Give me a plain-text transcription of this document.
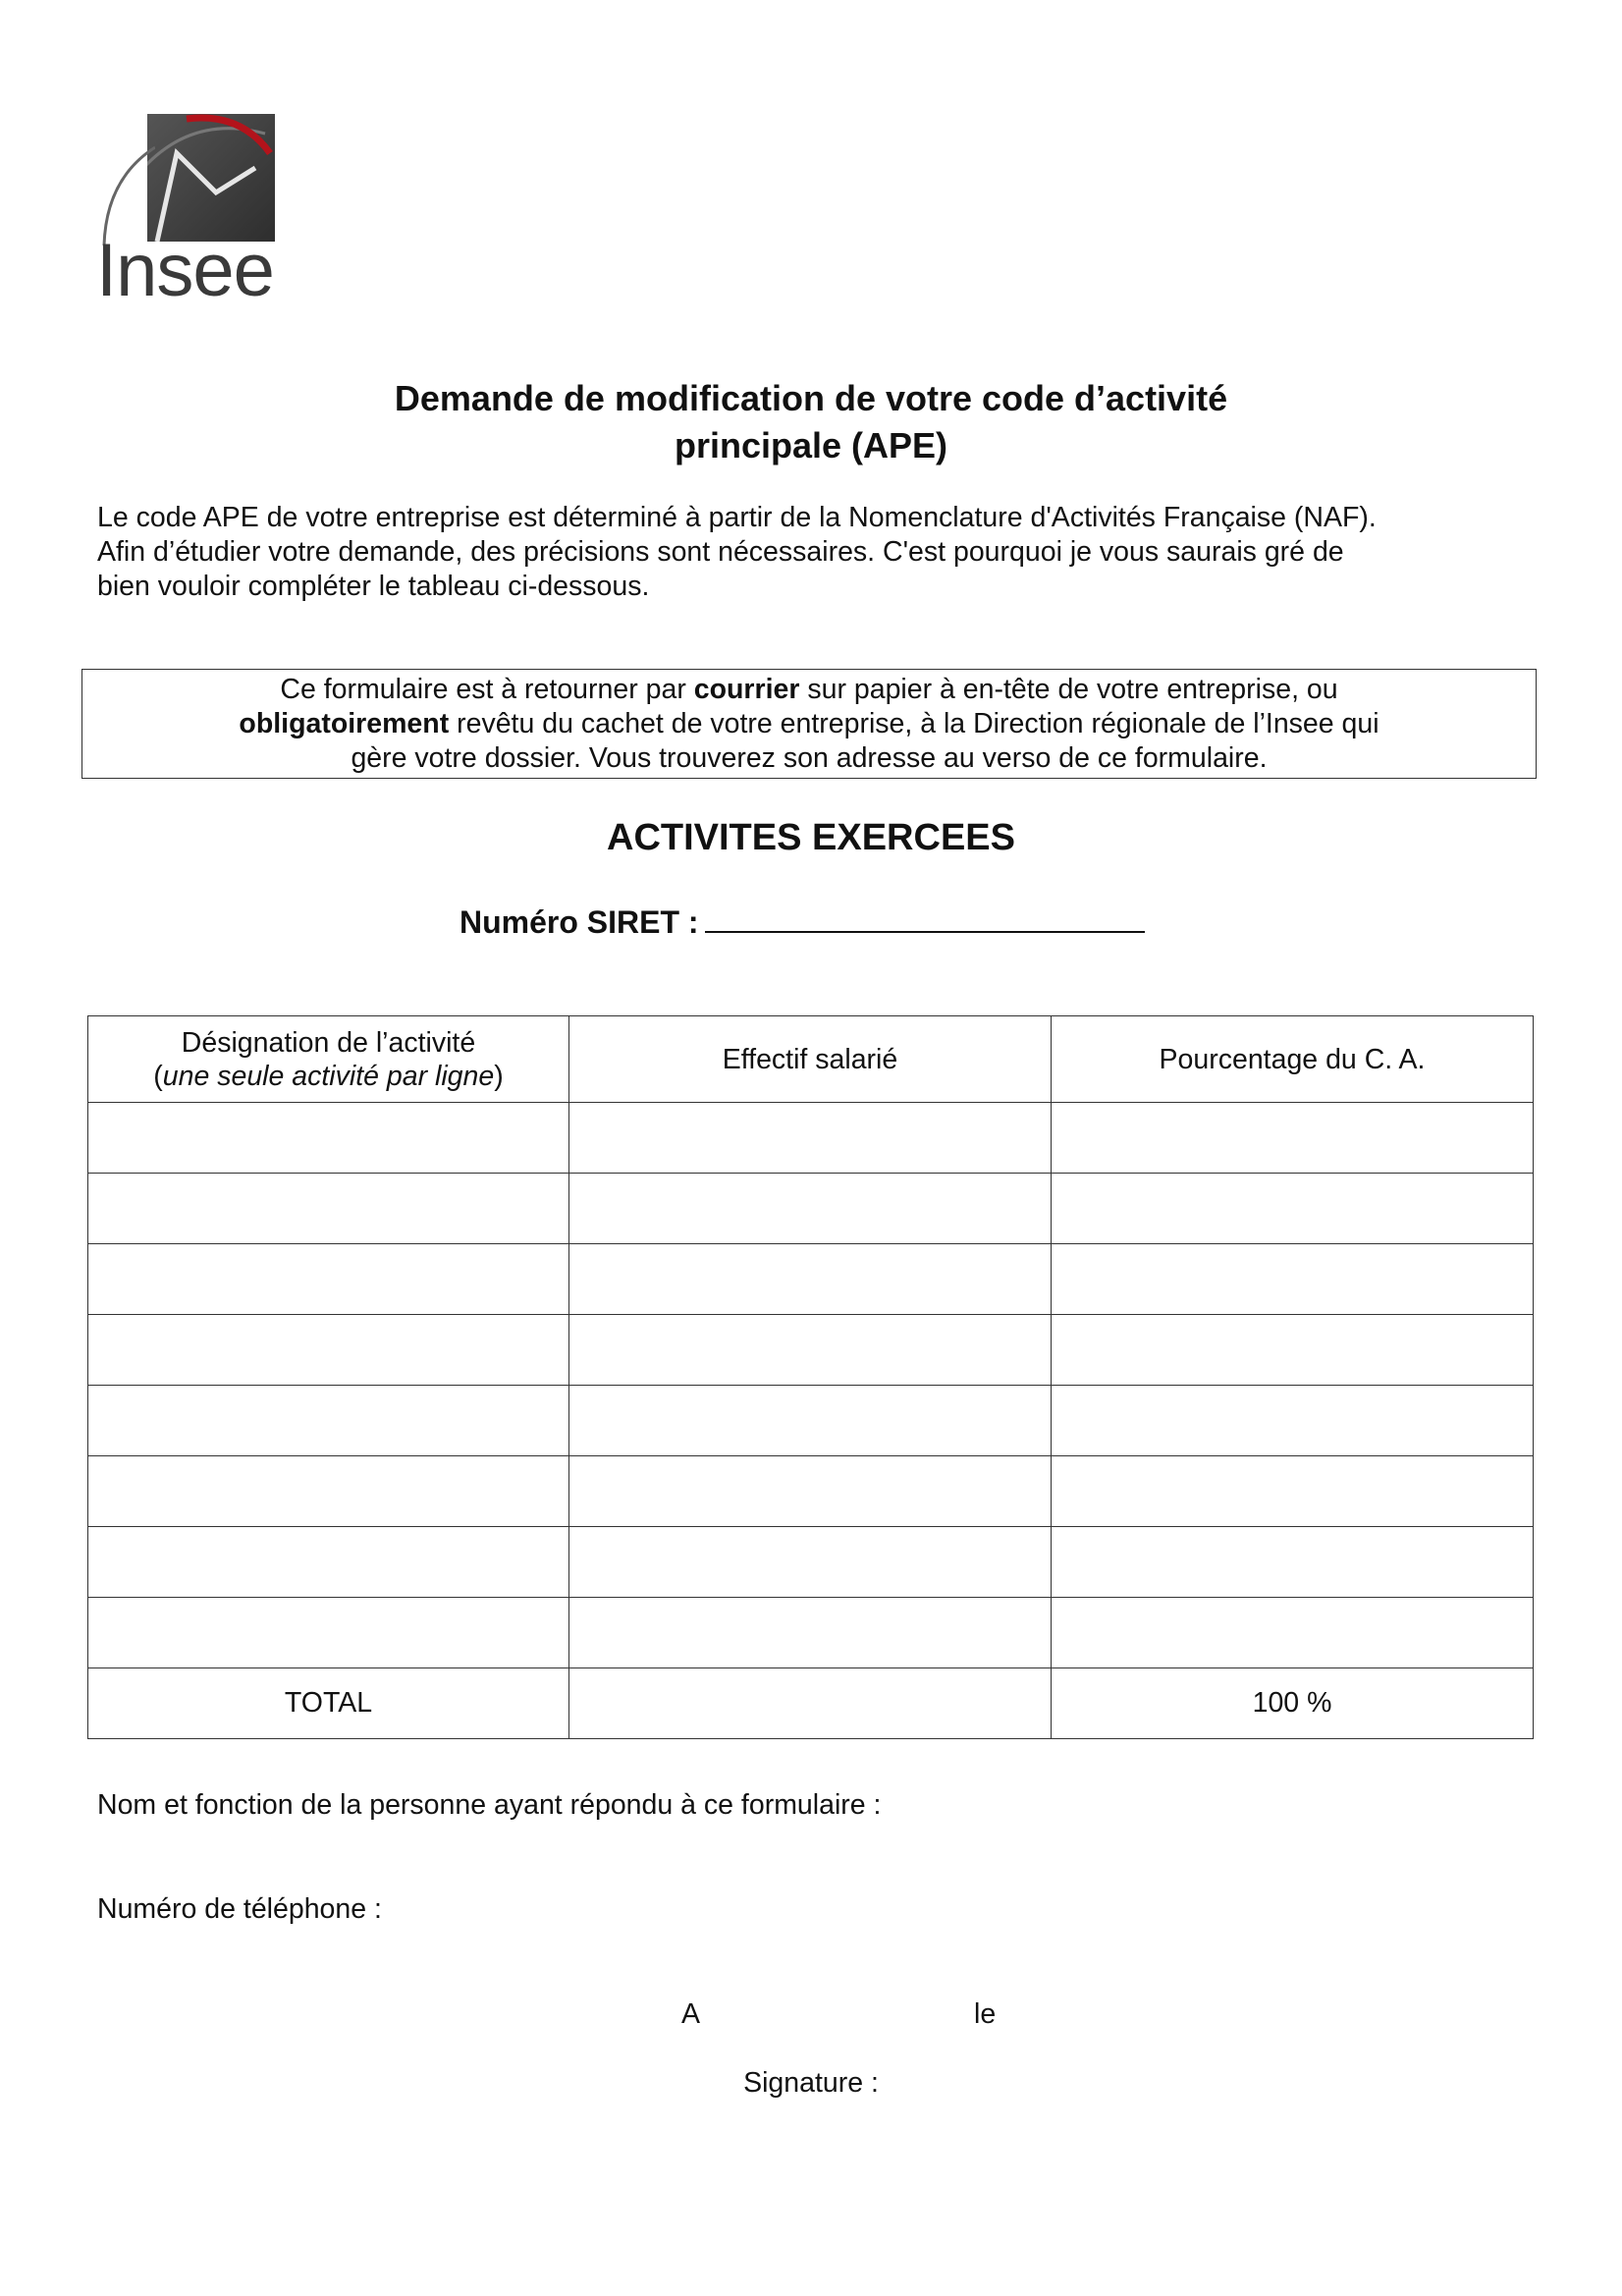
Insee
Demande de modification de votre code d’activité
principale (APE)
Le code APE de votre entreprise est déterminé à partir de la Nomenclature d'Activités Française (NAF).
Afin d’étudier votre demande, des précisions sont nécessaires. C'est pourquoi je vous saurais gré de
bien vouloir compléter le tableau ci-dessous.
Ce formulaire est à retourner par courrier sur papier à en-tête de votre entreprise, ou
obligatoirement revêtu du cachet de votre entreprise, à la Direction régionale de l’Insee qui
gère votre dossier. Vous trouverez son adresse au verso de ce formulaire.
ACTIVITES EXERCEES
Numéro SIRET :
Désignation de l’activité
(une seule activité par ligne)	Effectif salarié	Pourcentage du C. A.

TOTAL		100 %
Nom et fonction de la personne ayant répondu à ce formulaire :
Numéro de téléphone :
A	le
Signature :
